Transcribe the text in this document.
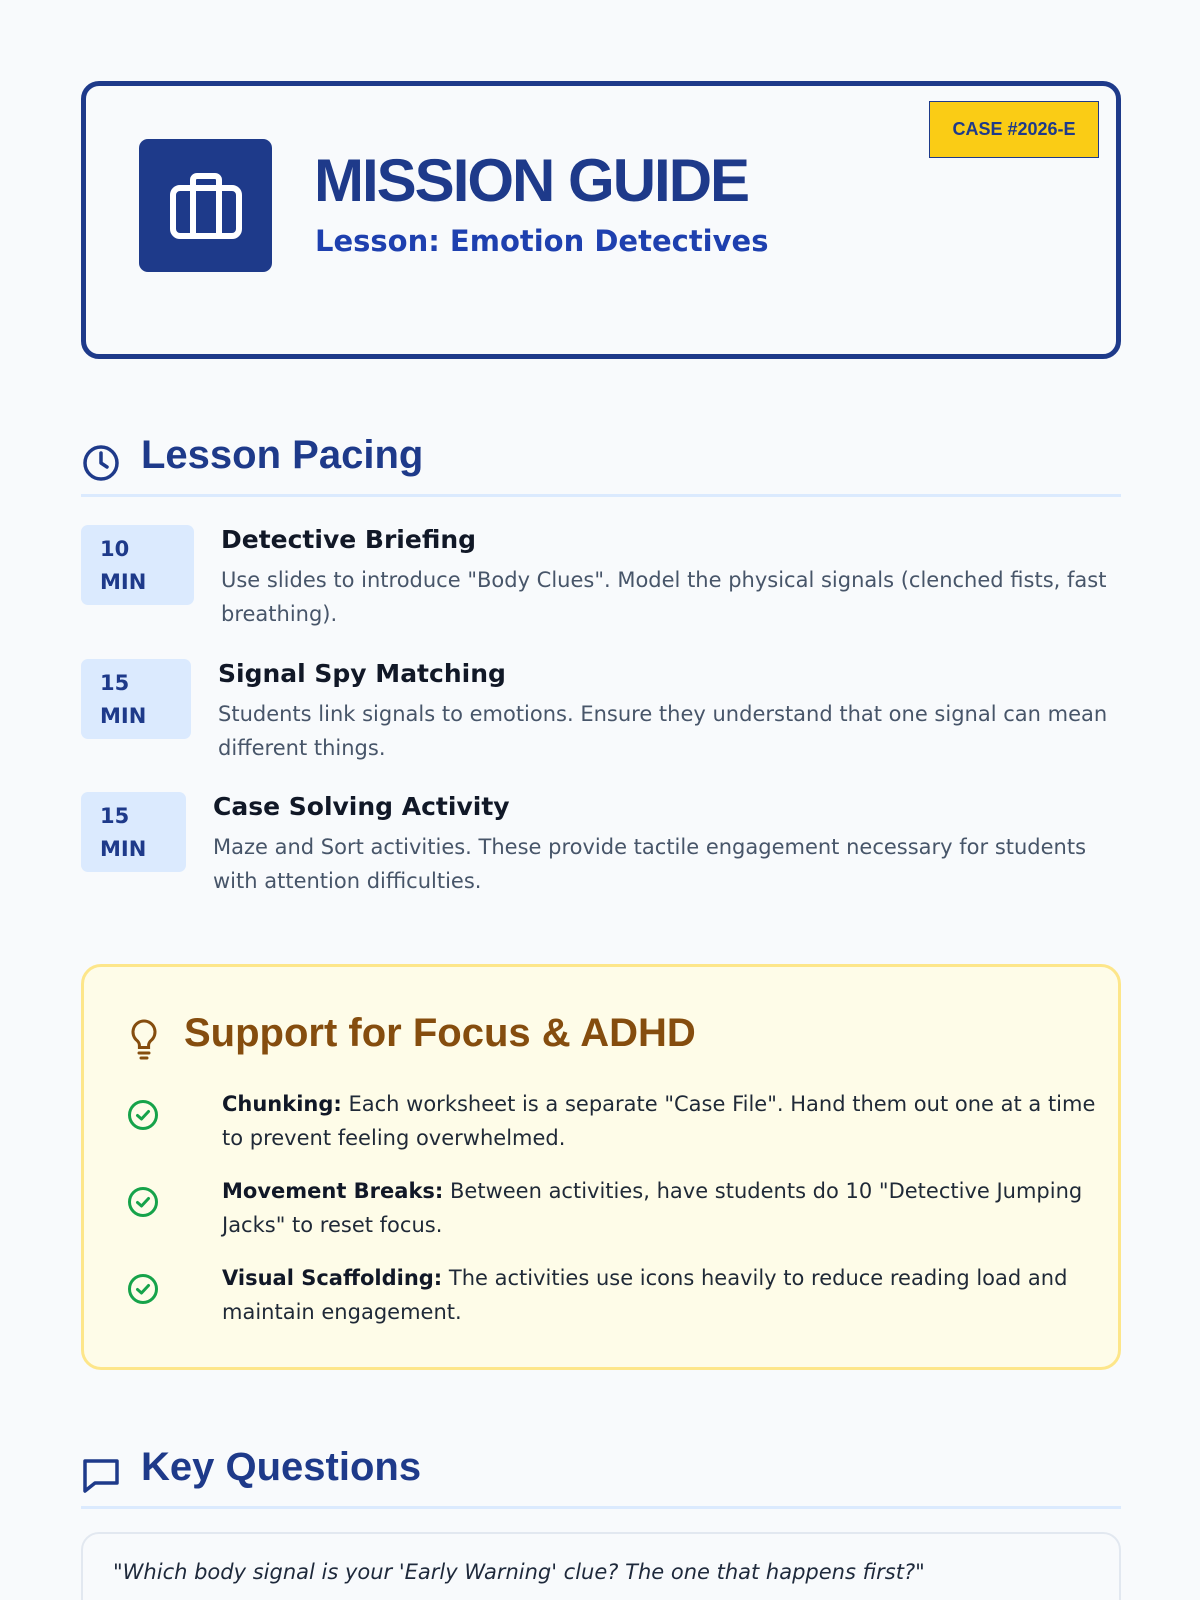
CASE #2026-E
MISSION GUIDE
Lesson: Emotion Detectives
Lesson Pacing
10
MIN
Detective Briefing
Use slides to introduce "Body Clues". Model the physical signals (clenched fists, fast breathing).
15
MIN
Signal Spy Matching
Students link signals to emotions. Ensure they understand that one signal can mean different things.
15
MIN
Case Solving Activity
Maze and Sort activities. These provide tactile engagement necessary for students with attention difficulties.
Support for Focus & ADHD
Chunking: Each worksheet is a separate "Case File". Hand them out one at a time to prevent feeling overwhelmed.
Movement Breaks: Between activities, have students do 10 "Detective Jumping Jacks" to reset focus.
Visual Scaffolding: The activities use icons heavily to reduce reading load and maintain engagement.
Key Questions
"Which body signal is your 'Early Warning' clue? The one that happens first?"
